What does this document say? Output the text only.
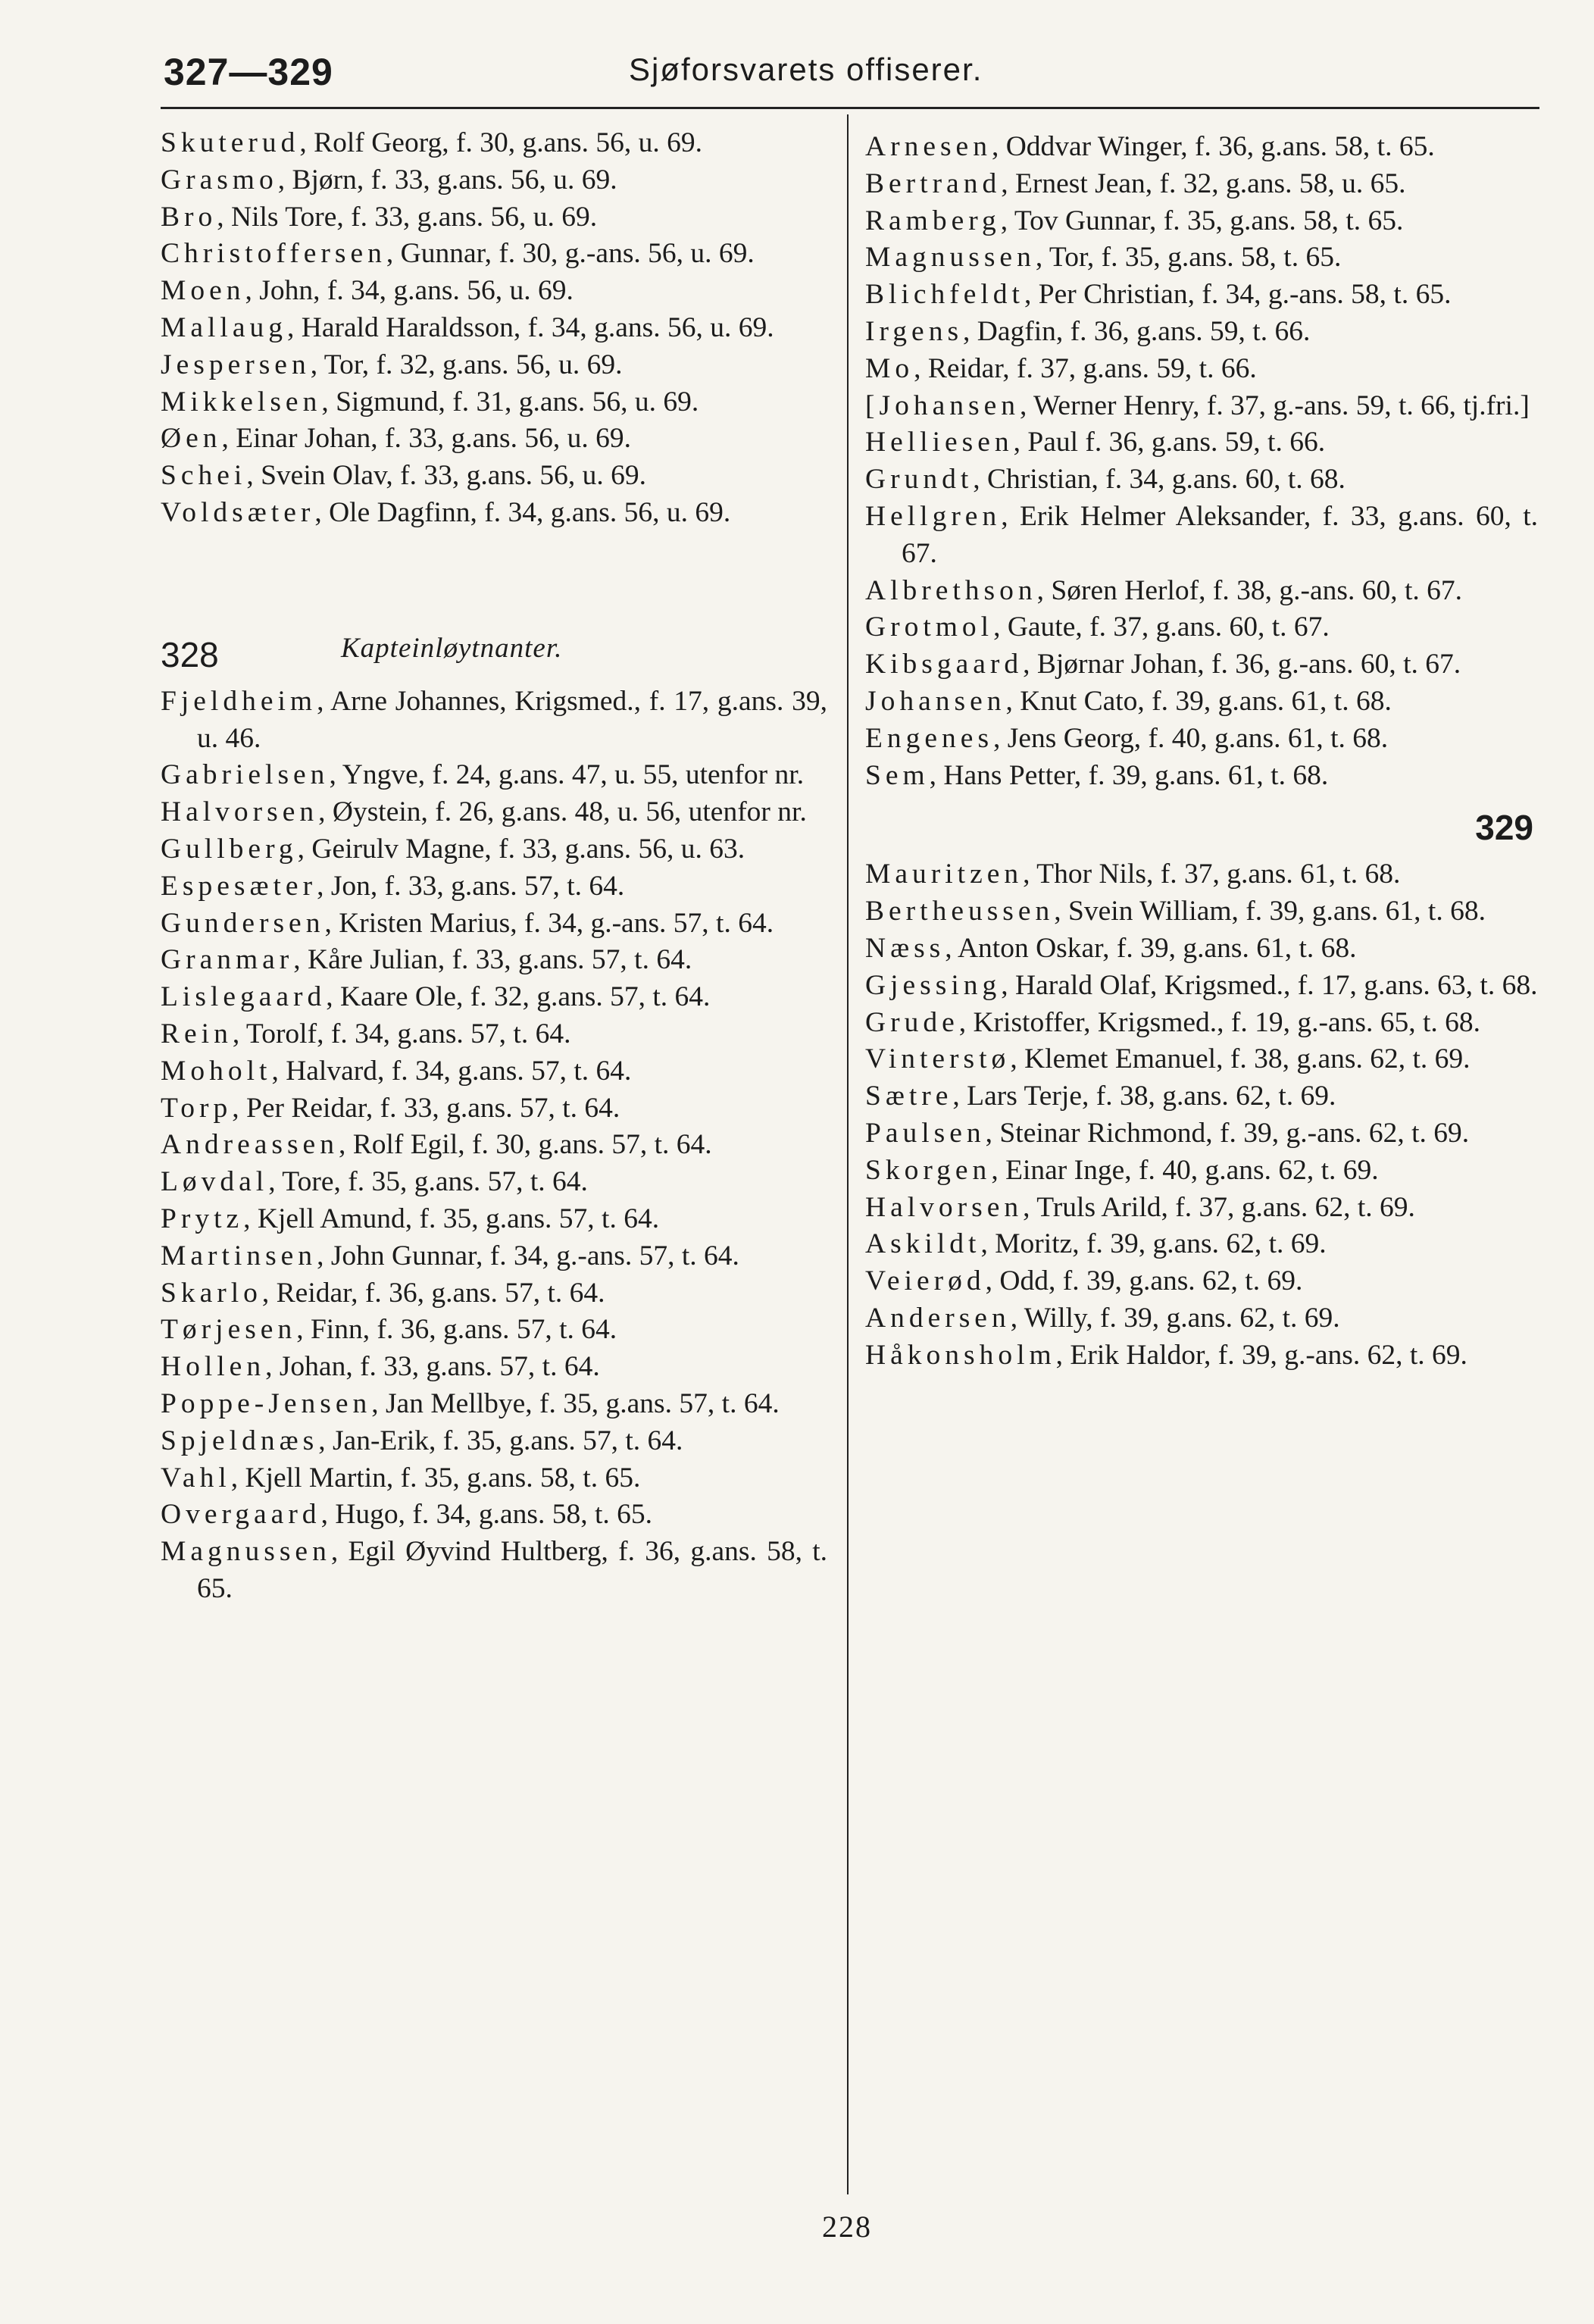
327—329	Sjøforsvarets offiserer.

Skuterud, Rolf Georg, f. 30, g.ans. 56, u. 69.

Grasmo, Bjørn, f. 33, g.ans. 56, u. 69.

Bro, Nils Tore, f. 33, g.ans. 56, u. 69.

Christoffersen, Gunnar, f. 30, g.-ans. 56, u. 69.

Moen, John, f. 34, g.ans. 56, u. 69.

Mallaug, Harald Haraldsson, f. 34, g.ans. 56, u. 69.

Jespersen, Tor, f. 32, g.ans. 56, u. 69.

Mikkelsen, Sigmund, f. 31, g.ans. 56, u. 69.

Øen, Einar Johan, f. 33, g.ans. 56, u. 69.

Schei, Svein Olav, f. 33, g.ans. 56, u. 69.

Voldsæter, Ole Dagfinn, f. 34, g.ans. 56, u. 69.

328	Kapteinløytnanter.

Fjeldheim, Arne Johannes, Krigsmed., f. 17, g.ans. 39, u. 46.

Gabrielsen, Yngve, f. 24, g.ans. 47, u. 55, utenfor nr.

Halvorsen, Øystein, f. 26, g.ans. 48, u. 56, utenfor nr.

Gullberg, Geirulv Magne, f. 33, g.ans. 56, u. 63.

Espesæter, Jon, f. 33, g.ans. 57, t. 64.

Gundersen, Kristen Marius, f. 34, g.-ans. 57, t. 64.

Granmar, Kåre Julian, f. 33, g.ans. 57, t. 64.

Lislegaard, Kaare Ole, f. 32, g.ans. 57, t. 64.

Rein, Torolf, f. 34, g.ans. 57, t. 64.

Moholt, Halvard, f. 34, g.ans. 57, t. 64.

Torp, Per Reidar, f. 33, g.ans. 57, t. 64.

Andreassen, Rolf Egil, f. 30, g.ans. 57, t. 64.

Løvdal, Tore, f. 35, g.ans. 57, t. 64.

Prytz, Kjell Amund, f. 35, g.ans. 57, t. 64.

Martinsen, John Gunnar, f. 34, g.-ans. 57, t. 64.

Skarlo, Reidar, f. 36, g.ans. 57, t. 64.

Tørjesen, Finn, f. 36, g.ans. 57, t. 64.

Hollen, Johan, f. 33, g.ans. 57, t. 64.

Poppe-Jensen, Jan Mellbye, f. 35, g.ans. 57, t. 64.

Spjeldnæs, Jan-Erik, f. 35, g.ans. 57, t. 64.

Vahl, Kjell Martin, f. 35, g.ans. 58, t. 65.

Overgaard, Hugo, f. 34, g.ans. 58, t. 65.

Magnussen, Egil Øyvind Hultberg, f. 36, g.ans. 58, t. 65.

Arnesen, Oddvar Winger, f. 36, g.ans. 58, t. 65.

Bertrand, Ernest Jean, f. 32, g.ans. 58, u. 65.

Ramberg, Tov Gunnar, f. 35, g.ans. 58, t. 65.

Magnussen, Tor, f. 35, g.ans. 58, t. 65.

Blichfeldt, Per Christian, f. 34, g.-ans. 58, t. 65.

Irgens, Dagfin, f. 36, g.ans. 59, t. 66.

Mo, Reidar, f. 37, g.ans. 59, t. 66.

[Johansen, Werner Henry, f. 37, g.-ans. 59, t. 66, tj.fri.]

Helliesen, Paul f. 36, g.ans. 59, t. 66.

Grundt, Christian, f. 34, g.ans. 60, t. 68.

Hellgren, Erik Helmer Aleksander, f. 33, g.ans. 60, t. 67.

Albrethson, Søren Herlof, f. 38, g.-ans. 60, t. 67.

Grotmol, Gaute, f. 37, g.ans. 60, t. 67.

Kibsgaard, Bjørnar Johan, f. 36, g.-ans. 60, t. 67.

Johansen, Knut Cato, f. 39, g.ans. 61, t. 68.

Engenes, Jens Georg, f. 40, g.ans. 61, t. 68.

Sem, Hans Petter, f. 39, g.ans. 61, t. 68.

329

Mauritzen, Thor Nils, f. 37, g.ans. 61, t. 68.

Bertheussen, Svein William, f. 39, g.ans. 61, t. 68.

Næss, Anton Oskar, f. 39, g.ans. 61, t. 68.

Gjessing, Harald Olaf, Krigsmed., f. 17, g.ans. 63, t. 68.

Grude, Kristoffer, Krigsmed., f. 19, g.-ans. 65, t. 68.

Vinterstø, Klemet Emanuel, f. 38, g.ans. 62, t. 69.

Sætre, Lars Terje, f. 38, g.ans. 62, t. 69.

Paulsen, Steinar Richmond, f. 39, g.-ans. 62, t. 69.

Skorgen, Einar Inge, f. 40, g.ans. 62, t. 69.

Halvorsen, Truls Arild, f. 37, g.ans. 62, t. 69.

Askildt, Moritz, f. 39, g.ans. 62, t. 69.

Veierød, Odd, f. 39, g.ans. 62, t. 69.

Andersen, Willy, f. 39, g.ans. 62, t. 69.

Håkonsholm, Erik Haldor, f. 39, g.-ans. 62, t. 69.

228
